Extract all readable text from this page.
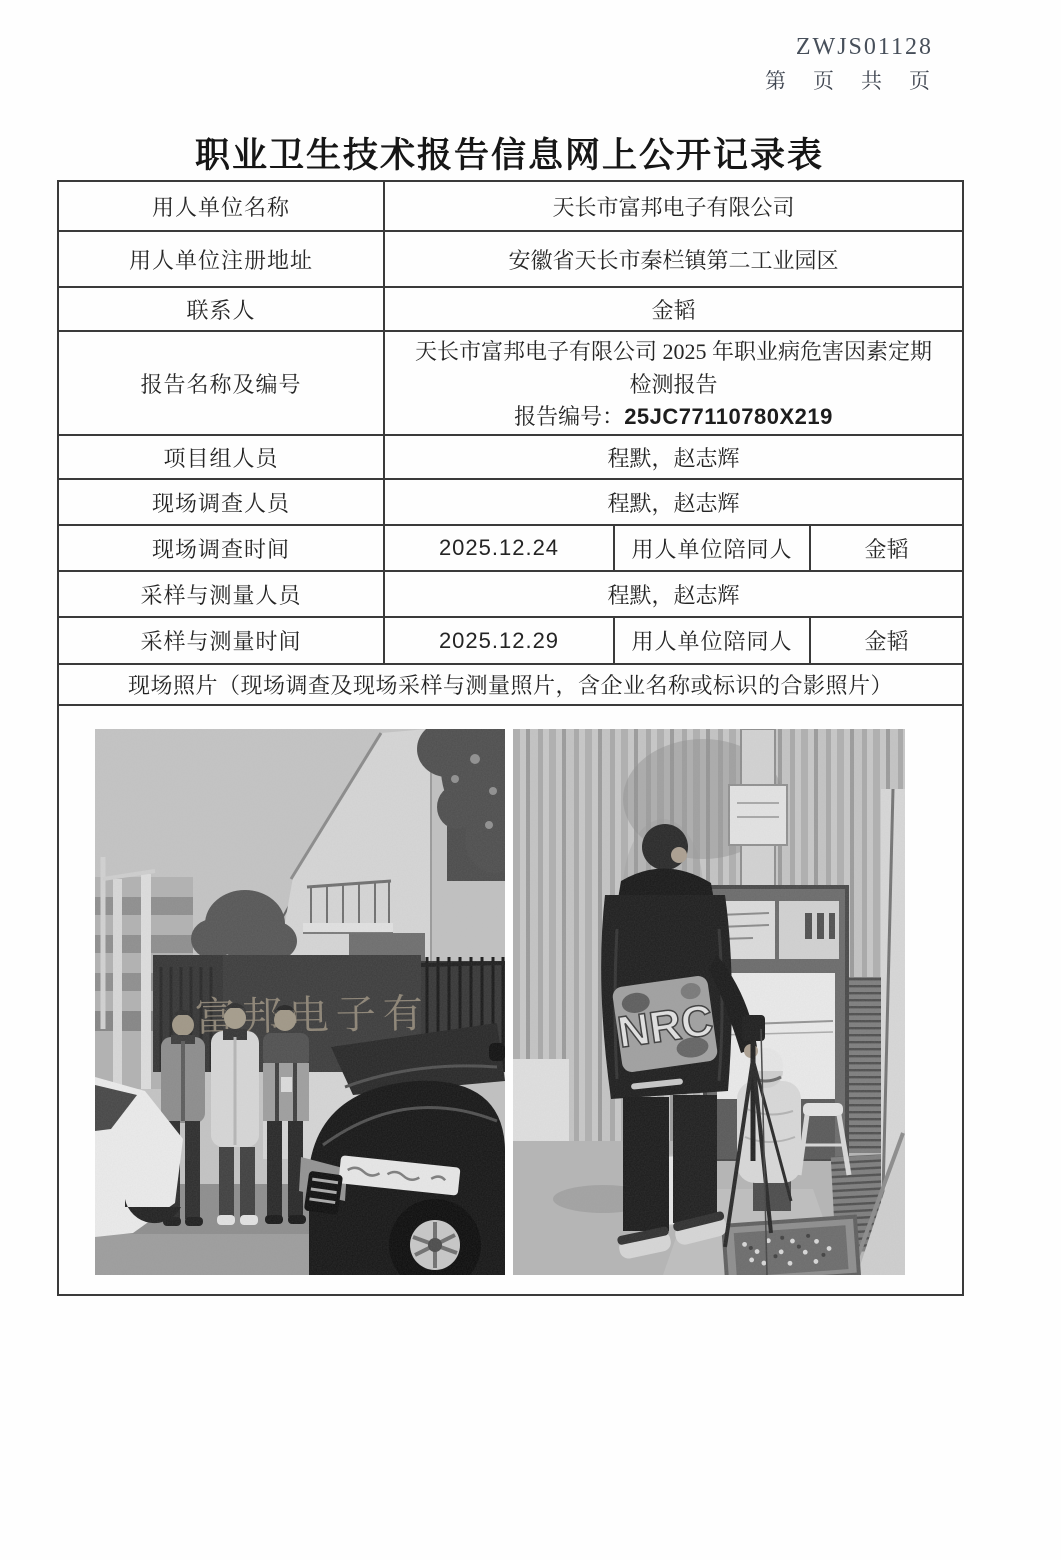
ZWJS01128
第　页　共　页
职业卫生技术报告信息网上公开记录表
用人单位名称	天长市富邦电子有限公司		
用人单位注册地址	安徽省天长市秦栏镇第二工业园区		
联系人	金韬		
报告名称及编号	天长市富邦电子有限公司 2025 年职业病危害因素定期
检测报告
报告编号：25JC77110780X219		

项目组人员	程默，赵志辉		
现场调查人员	程默，赵志辉		
现场调查时间	2025.12.24	用人单位陪同人	金韬
采样与测量人员	程默，赵志辉		
采样与测量时间	2025.12.29	用人单位陪同人	金韬
现场照片（现场调查及现场采样与测量照片，含企业名称或标识的合影照片）			
